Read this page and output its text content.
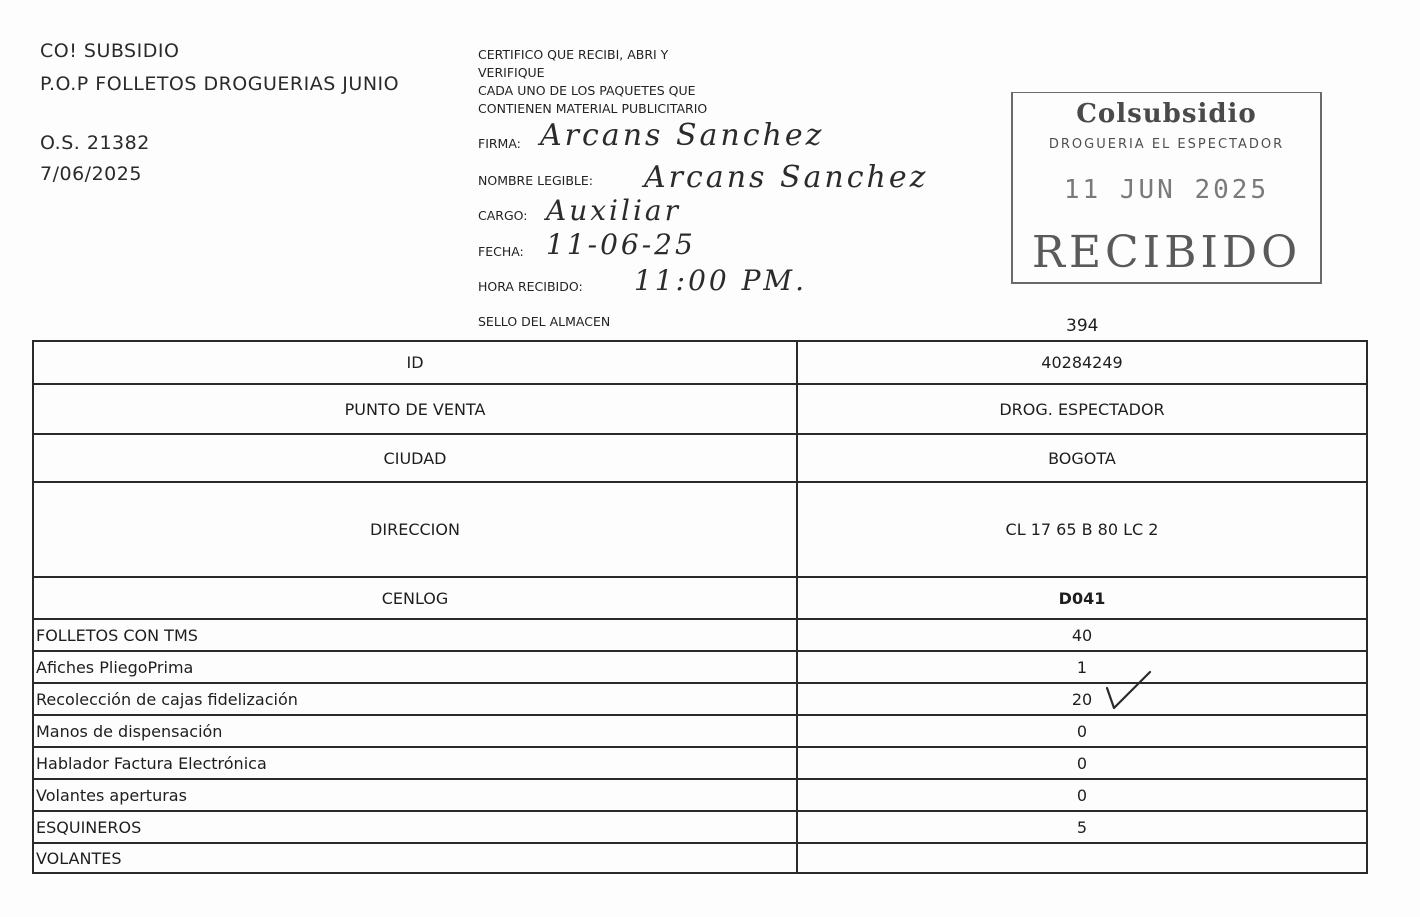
CO! SUBSIDIO
P.O.P FOLLETOS DROGUERIAS JUNIO
O.S. 21382
7/06/2025
CERTIFICO QUE RECIBI, ABRI Y
VERIFIQUE
CADA UNO DE LOS PAQUETES QUE
CONTIENEN MATERIAL PUBLICITARIO
FIRMA: Arcans Sanchez
NOMBRE LEGIBLE: Arcans Sanchez
CARGO: Auxiliar
FECHA: 11-06-25
HORA RECIBIDO: 11:00 PM.
SELLO DEL ALMACEN
Colsubsidio
DROGUERIA EL ESPECTADOR
11 JUN 2025
RECIBIDO
394
ID	40284249
PUNTO DE VENTA	DROG. ESPECTADOR
CIUDAD	BOGOTA
DIRECCION	CL 17 65 B 80 LC 2
CENLOG	D041
FOLLETOS CON TMS	40
Afiches PliegoPrima	1
Recolección de cajas fidelización	20
Manos de dispensación	0
Hablador Factura Electrónica	0
Volantes aperturas	0
ESQUINEROS	5
VOLANTES	
